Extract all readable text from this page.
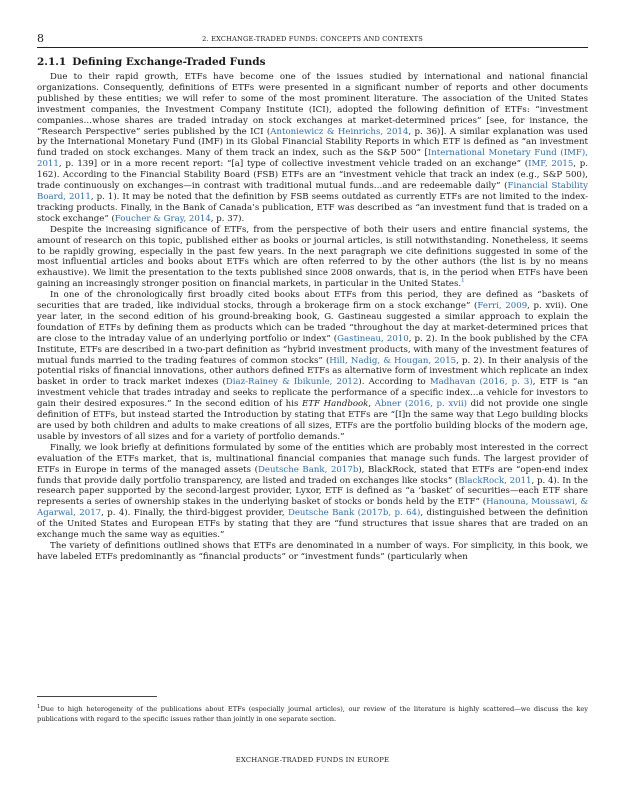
8	2. EXCHANGE-TRADED FUNDS: CONCEPTS AND CONTEXTS
2.1.1 Defining Exchange-Traded Funds

Due to their rapid growth, ETFs have become one of the issues studied by international and national financial organizations. Consequently, definitions of ETFs were presented in a significant number of reports and other documents published by these entities; we will refer to some of the most prominent literature. The association of the United States investment companies, the Investment Company Institute (ICI), adopted the following definition of ETFs: “investment companies…whose shares are traded intraday on stock exchanges at market-determined prices” [see, for instance, the “Research Perspective” series published by the ICI (Antoniewicz & Heinrichs, 2014, p. 36)]. A similar explanation was used by the International Monetary Fund (IMF) in its Global Financial Stability Reports in which ETF is defined as “an investment fund traded on stock exchanges. Many of them track an index, such as the S&P 500” [International Monetary Fund (IMF), 2011, p. 139] or in a more recent report: “[a] type of collective investment vehicle traded on an exchange” (IMF, 2015, p. 162). According to the Financial Stability Board (FSB) ETFs are an “investment vehicle that track an index (e.g., S&P 500), trade continuously on exchanges—in contrast with traditional mutual funds…and are redeemable daily” (Financial Stability Board, 2011, p. 1). It may be noted that the definition by FSB seems outdated as currently ETFs are not limited to the index-tracking products. Finally, in the Bank of Canada’s publication, ETF was described as “an investment fund that is traded on a stock exchange” (Foucher & Gray, 2014, p. 37).

Despite the increasing significance of ETFs, from the perspective of both their users and entire financial systems, the amount of research on this topic, published either as books or journal articles, is still notwithstanding. Nonetheless, it seems to be rapidly growing, especially in the past few years. In the next paragraph we cite definitions suggested in some of the most influential articles and books about ETFs which are often referred to by the other authors (the list is by no means exhaustive). We limit the presentation to the texts published since 2008 onwards, that is, in the period when ETFs have been gaining an increasingly stronger position on financial markets, in particular in the United States.$^1$

In one of the chronologically first broadly cited books about ETFs from this period, they are defined as “baskets of securities that are traded, like individual stocks, through a brokerage firm on a stock exchange” (Ferri, 2009, p. xvii). One year later, in the second edition of his ground-breaking book, G. Gastineau suggested a similar approach to explain the foundation of ETFs by defining them as products which can be traded “throughout the day at market-determined prices that are close to the intraday value of an underlying portfolio or index” (Gastineau, 2010, p. 2). In the book published by the CFA Institute, ETFs are described in a two-part definition as “hybrid investment products, with many of the investment features of mutual funds married to the trading features of common stocks” (Hill, Nadig, & Hougan, 2015, p. 2). In their analysis of the potential risks of financial innovations, other authors defined ETFs as alternative form of investment which replicate an index basket in order to track market indexes (Diaz-Rainey & Ibikunle, 2012). According to Madhavan (2016, p. 3), ETF is “an investment vehicle that trades intraday and seeks to replicate the performance of a specific index…a vehicle for investors to gain their desired exposures.” In the second edition of his ETF Handbook, Abner (2016, p. xvii) did not provide one single definition of ETFs, but instead started the Introduction by stating that ETFs are “[I]n the same way that Lego building blocks are used by both children and adults to make creations of all sizes, ETFs are the portfolio building blocks of the modern age, usable by investors of all sizes and for a variety of portfolio demands.”

Finally, we look briefly at definitions formulated by some of the entities which are probably most interested in the correct evaluation of the ETFs market, that is, multinational financial companies that manage such funds. The largest provider of ETFs in Europe in terms of the managed assets (Deutsche Bank, 2017b), BlackRock, stated that ETFs are “open-end index funds that provide daily portfolio transparency, are listed and traded on exchanges like stocks” (BlackRock, 2011, p. 4). In the research paper supported by the second-largest provider, Lyxor, ETF is defined as “a ‘basket’ of securities—each ETF share represents a series of ownership stakes in the underlying basket of stocks or bonds held by the ETF” (Hanouna, Moussawi, & Agarwal, 2017, p. 4). Finally, the third-biggest provider, Deutsche Bank (2017b, p. 64), distinguished between the definition of the United States and European ETFs by stating that they are “fund structures that issue shares that are traded on an exchange much the same way as equities.”

The variety of definitions outlined shows that ETFs are denominated in a number of ways. For simplicity, in this book, we have labeled ETFs predominantly as “financial products” or “investment funds” (particularly when

$^1$Due to high heterogeneity of the publications about ETFs (especially journal articles), our review of the literature is highly scattered—we discuss the key publications with regard to the specific issues rather than jointly in one separate section.
EXCHANGE-TRADED FUNDS IN EUROPE
